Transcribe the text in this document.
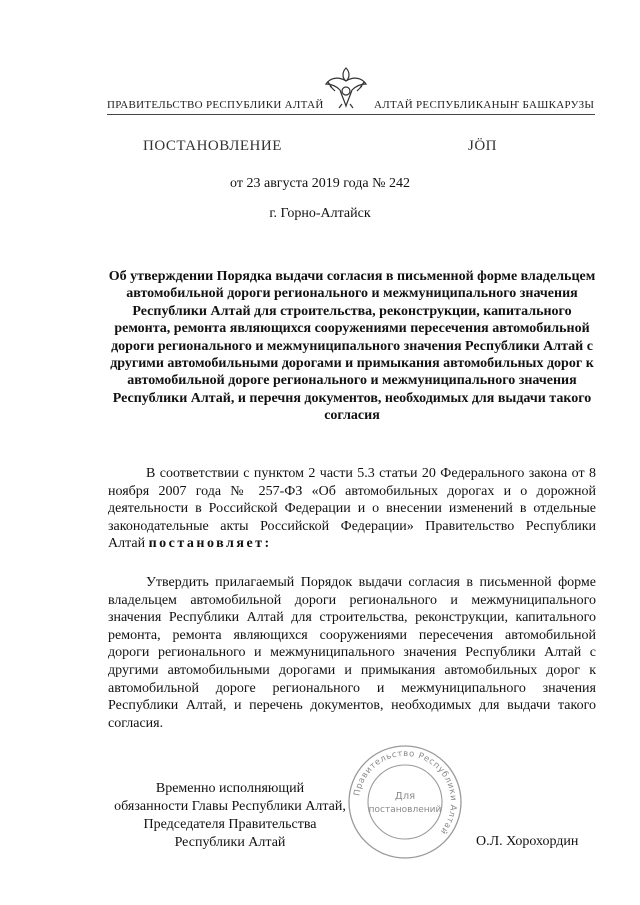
ПРАВИТЕЛЬСТВО РЕСПУБЛИКИ АЛТАЙ	АЛТАЙ РЕСПУБЛИКАНЫҤ БАШКАРУЗЫ
ПОСТАНОВЛЕНИЕ	ЈӦП
от 23 августа 2019 года № 242
г. Горно-Алтайск
Об утверждении Порядка выдачи согласия в письменной форме владельцем автомобильной дороги регионального и межмуниципального значения Республики Алтай для строительства, реконструкции, капитального ремонта, ремонта являющихся сооружениями пересечения автомобильной дороги регионального и межмуниципального значения Республики Алтай с другими автомобильными дорогами и примыкания автомобильных дорог к автомобильной дороге регионального и межмуниципального значения Республики Алтай, и перечня документов, необходимых для выдачи такого согласия
В соответствии с пунктом 2 части 5.3 статьи 20 Федерального закона от 8 ноября 2007 года № 257-ФЗ «Об автомобильных дорогах и о дорожной деятельности в Российской Федерации и о внесении изменений в отдельные законодательные акты Российской Федерации» Правительство Республики Алтай постановляет:
Утвердить прилагаемый Порядок выдачи согласия в письменной форме владельцем автомобильной дороги регионального и межмуниципального значения Республики Алтай для строительства, реконструкции, капитального ремонта, ремонта являющихся сооружениями пересечения автомобильной дороги регионального и межмуниципального значения Республики Алтай с другими автомобильными дорогами и примыкания автомобильных дорог к автомобильной дороге регионального и межмуниципального значения Республики Алтай, и перечень документов, необходимых для выдачи такого согласия.
Временно исполняющий
обязанности Главы Республики Алтай,
Председателя Правительства
Республики Алтай	О.Л. Хорохордин
Правительство Республики Алтай
Для
постановлений
